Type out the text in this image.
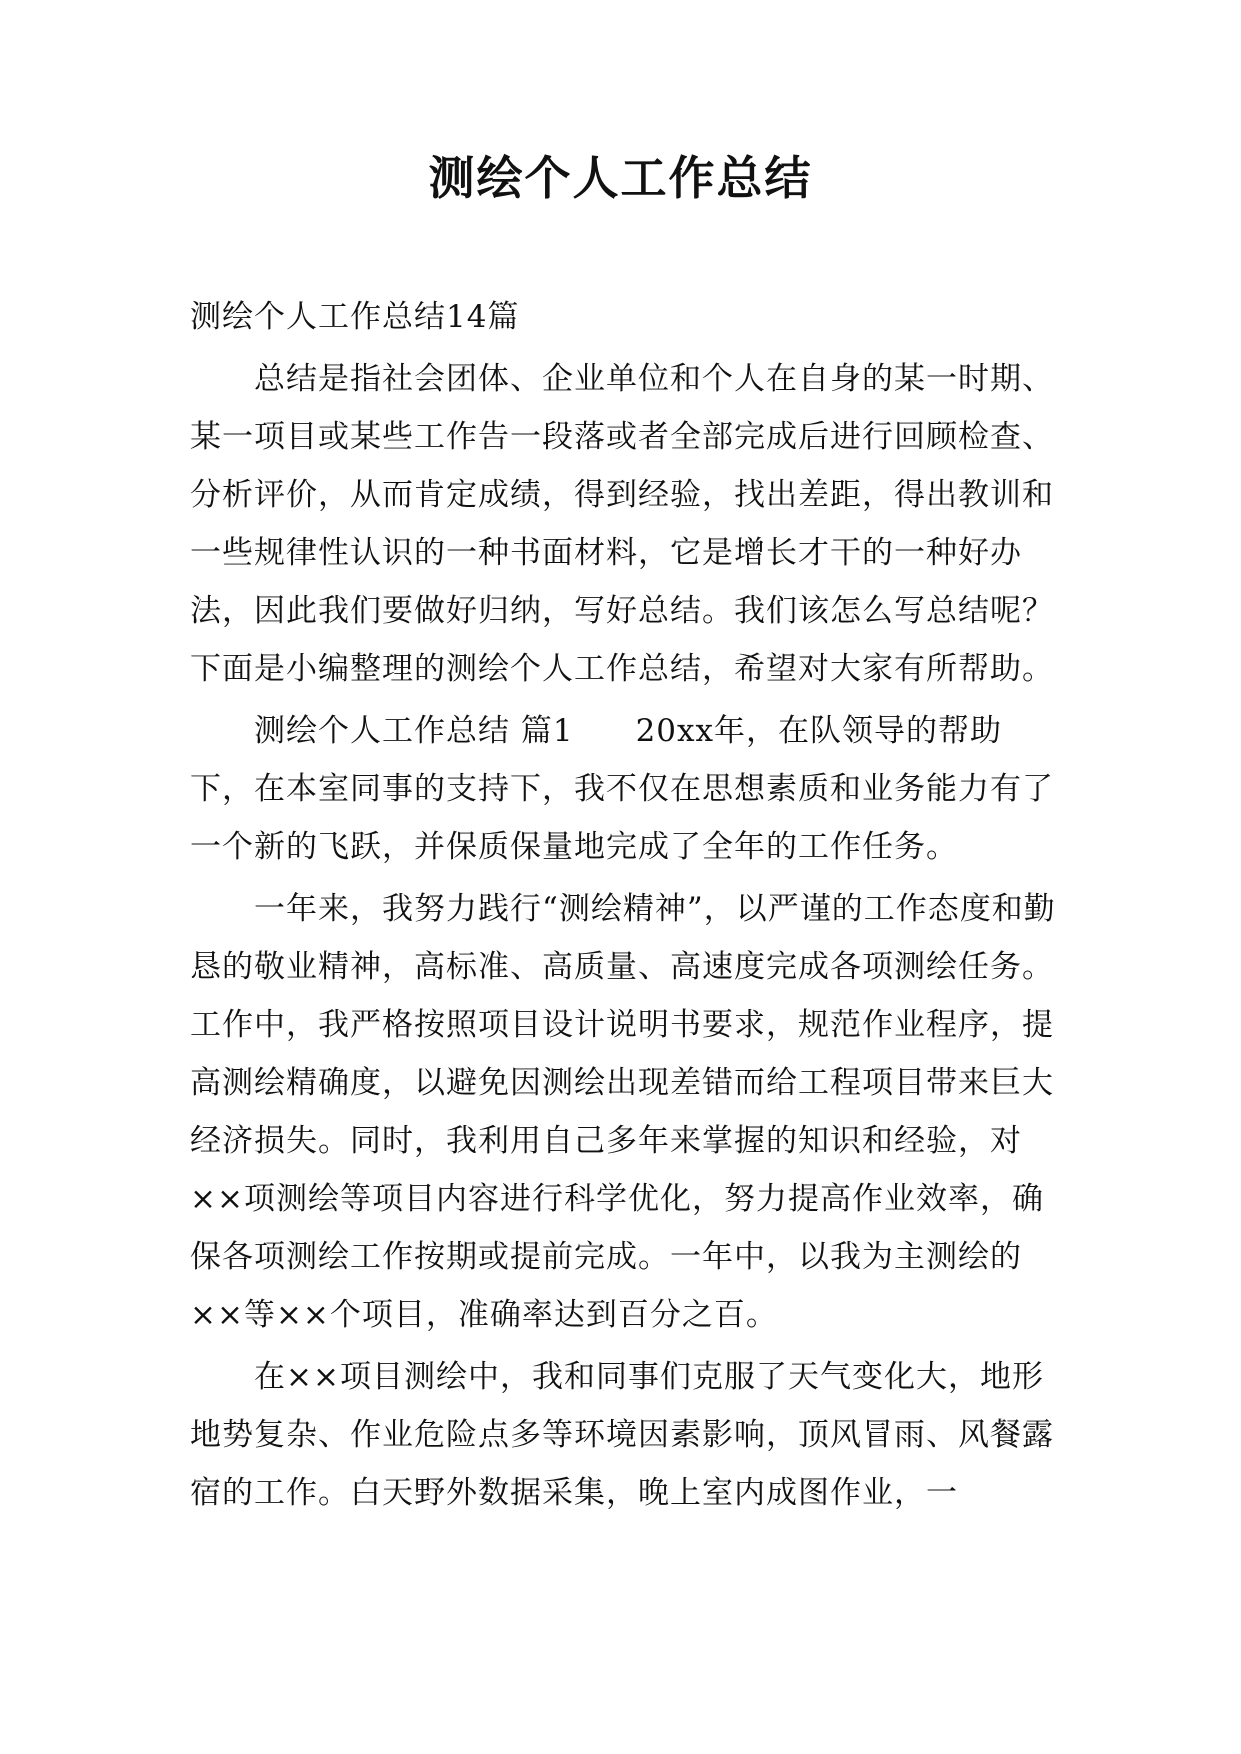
测绘个人工作总结

测绘个人工作总结14篇

总结是指社会团体、企业单位和个人在自身的某一时期、某一项目或某些工作告一段落或者全部完成后进行回顾检查、分析评价，从而肯定成绩，得到经验，找出差距，得出教训和一些规律性认识的一种书面材料，它是增长才干的一种好办法，因此我们要做好归纳，写好总结。我们该怎么写总结呢？下面是小编整理的测绘个人工作总结，希望对大家有所帮助。

测绘个人工作总结 篇1 20xx年，在队领导的帮助下，在本室同事的支持下，我不仅在思想素质和业务能力有了一个新的飞跃，并保质保量地完成了全年的工作任务。

一年来，我努力践行“测绘精神”，以严谨的工作态度和勤恳的敬业精神，高标准、高质量、高速度完成各项测绘任务。工作中，我严格按照项目设计说明书要求，规范作业程序，提高测绘精确度，以避免因测绘出现差错而给工程项目带来巨大经济损失。同时，我利用自己多年来掌握的知识和经验，对××项测绘等项目内容进行科学优化，努力提高作业效率，确保各项测绘工作按期或提前完成。一年中，以我为主测绘的××等××个项目，准确率达到百分之百。

在××项目测绘中，我和同事们克服了天气变化大，地形地势复杂、作业危险点多等环境因素影响，顶风冒雨、风餐露宿的工作。白天野外数据采集，晚上室内成图作业，一
